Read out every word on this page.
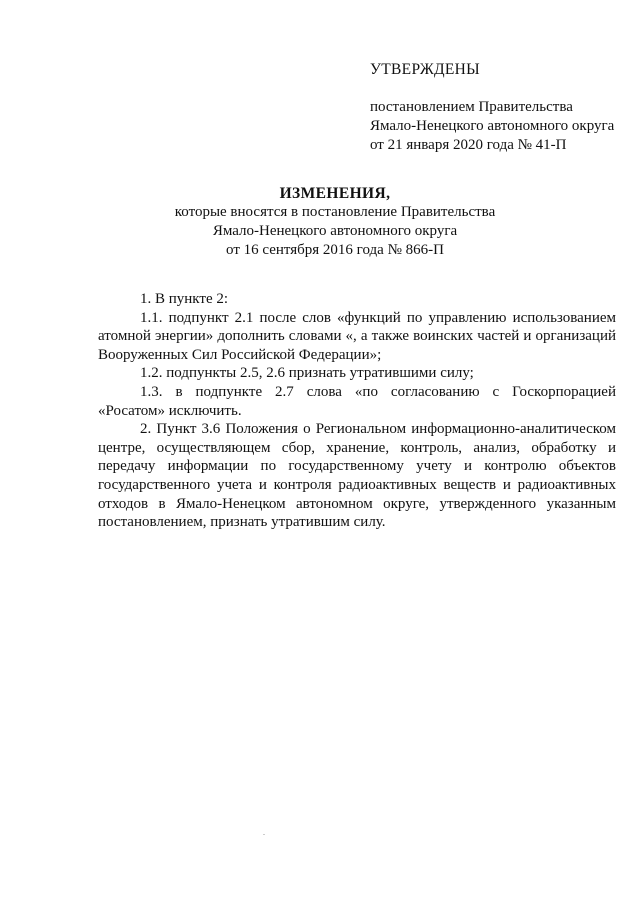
УТВЕРЖДЕНЫ
постановлением Правительства
Ямало-Ненецкого автономного округа
от 21 января 2020 года № 41-П
ИЗМЕНЕНИЯ,
которые вносятся в постановление Правительства
Ямало-Ненецкого автономного округа
от 16 сентября 2016 года № 866-П

1. В пункте 2:

1.1. подпункт 2.1 после слов «функций по управлению использованием
атомной энергии» дополнить словами «, а также воинских частей и организаций
Вооруженных Сил Российской Федерации»;

1.2. подпункты 2.5, 2.6 признать утратившими силу;

1.3. в подпункте 2.7 слова «по согласованию с Госкорпорацией
«Росатом» исключить.
2. Пункт 3.6 Положения о Региональном информационно-аналитическом
центре, осуществляющем сбор, хранение, контроль, анализ, обработку и
передачу информации по государственному учету и контролю объектов
государственного учета и контроля радиоактивных веществ и радиоактивных
отходов в Ямало-Ненецком автономном округе, утвержденного указанным
постановлением, признать утратившим силу.
